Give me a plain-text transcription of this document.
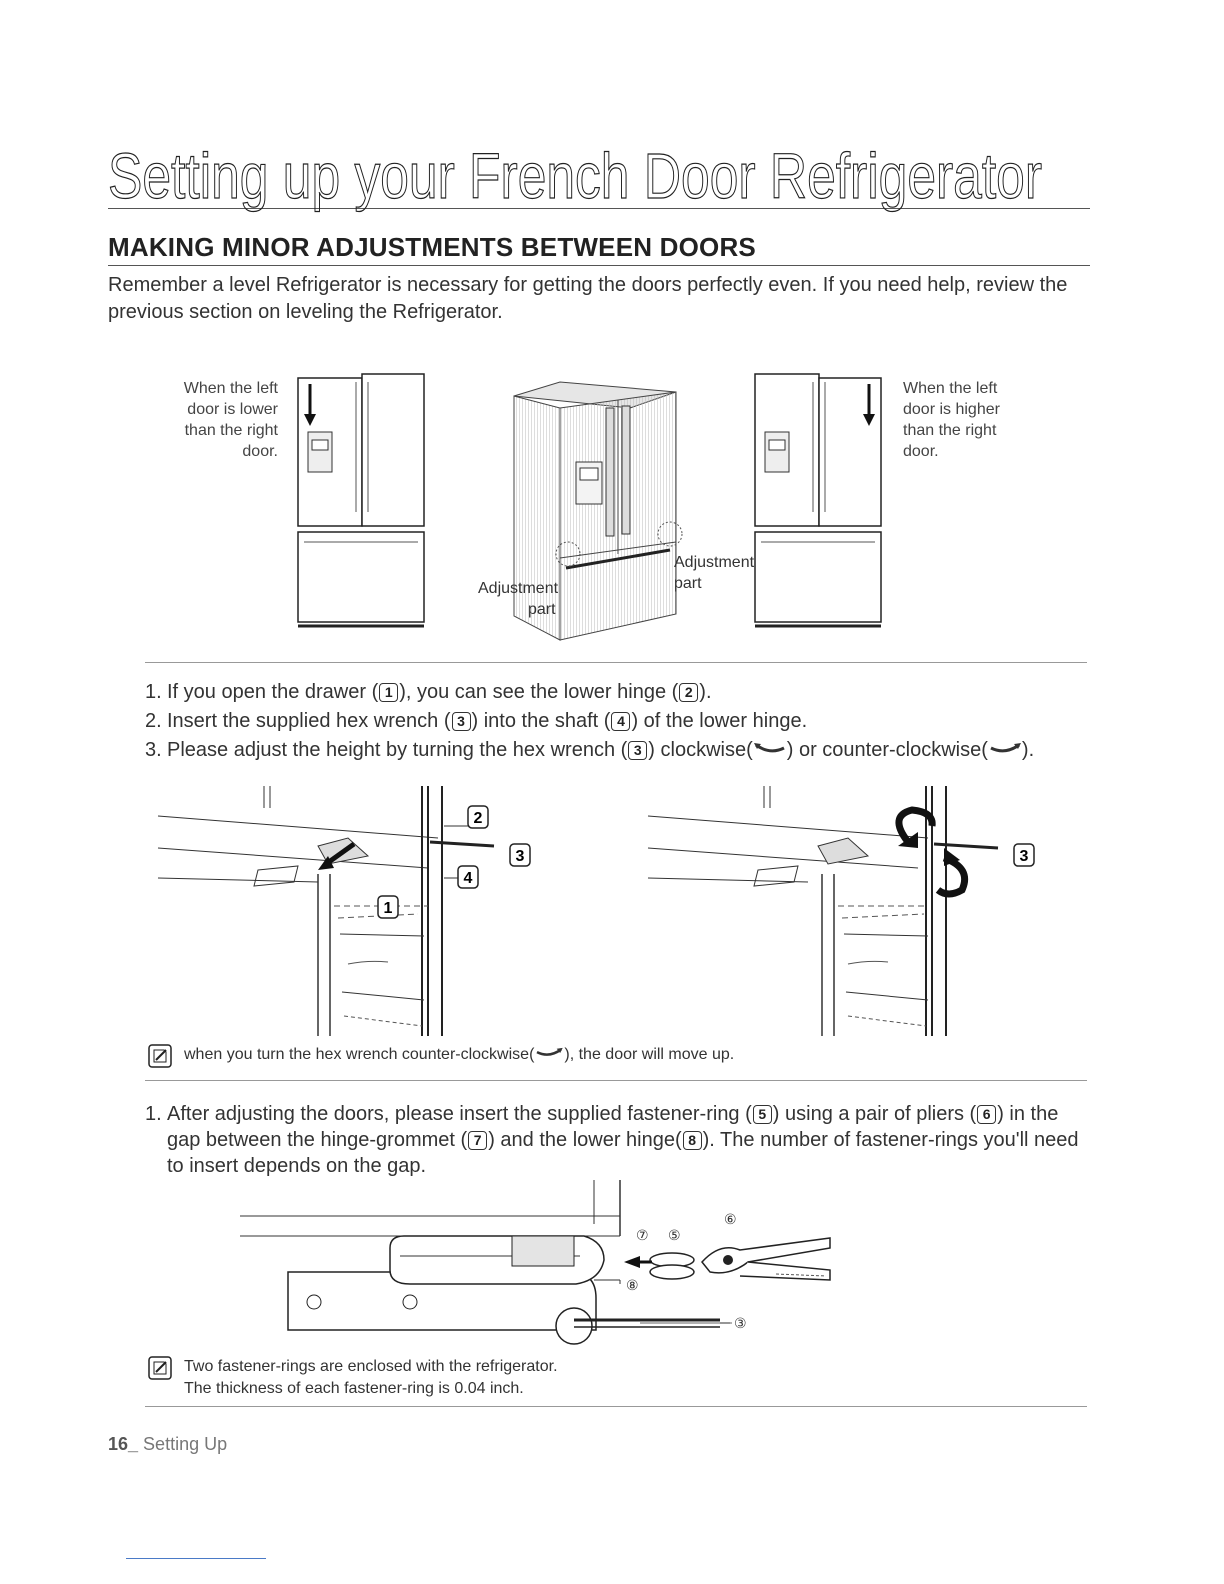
Setting up your French Door Refrigerator
MAKING MINOR ADJUSTMENTS BETWEEN DOORS
Remember a level Refrigerator is necessary for getting the doors perfectly even. If you need help, review the previous section on leveling the Refrigerator.
When the left door is lower than the right door.
When the left door is higher than the right door.
Adjustment
part
Adjustment
part
1. If you open the drawer ( 1 ), you can see the lower hinge ( 2 ).
2. Insert the supplied hex wrench ( 3 ) into the shaft ( 4 ) of the lower hinge.
3. Please adjust the height by turning the hex wrench ( 3 ) clockwise( ) or counter-clockwise( ).
2
3
4
1
3
when you turn the hex wrench counter-clockwise( ), the door will move up.
1. After adjusting the doors, please insert the supplied fastener-ring ( 5 ) using a pair of pliers ( 6 ) in the gap between the hinge-grommet ( 7 ) and the lower hinge( 8 ). The number of fastener-rings you'll need to insert depends on the gap.
⑧
③
⑦ ⑤
⑥
Two fastener-rings are enclosed with the refrigerator.
The thickness of each fastener-ring is 0.04 inch.
16_ Setting Up
